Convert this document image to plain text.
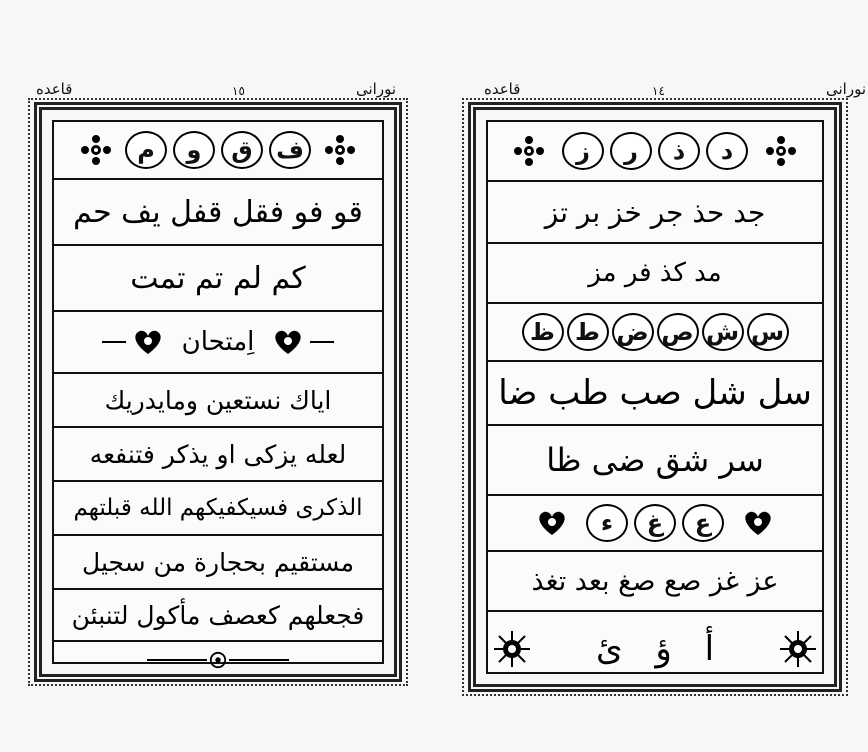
قاعده	نورانى
١٥
ف
ق
و
م
قو فو فقل قفل يف حم
كم لم تم تمت
اِمتحان
اياك نستعين ومايدريك
لعله يزكى او يذكر فتنفعه
الذكرى فسيكفيكهم الله قبلتهم
مستقيم بحجارة من سجيل
فجعلهم كعصف مأكول لتنبئن
قاعده	نورانى
١٤
د
ذ
ر
ز
جد حذ جر خز بر تز
مد كذ فر مز
س
ش
ص
ض
ط
ظ
سل شل صب طب ضا
سر شق ضى ظا
ع
غ
ء
عز غز صع صغ بعد تغذ
أ ؤ ئ
